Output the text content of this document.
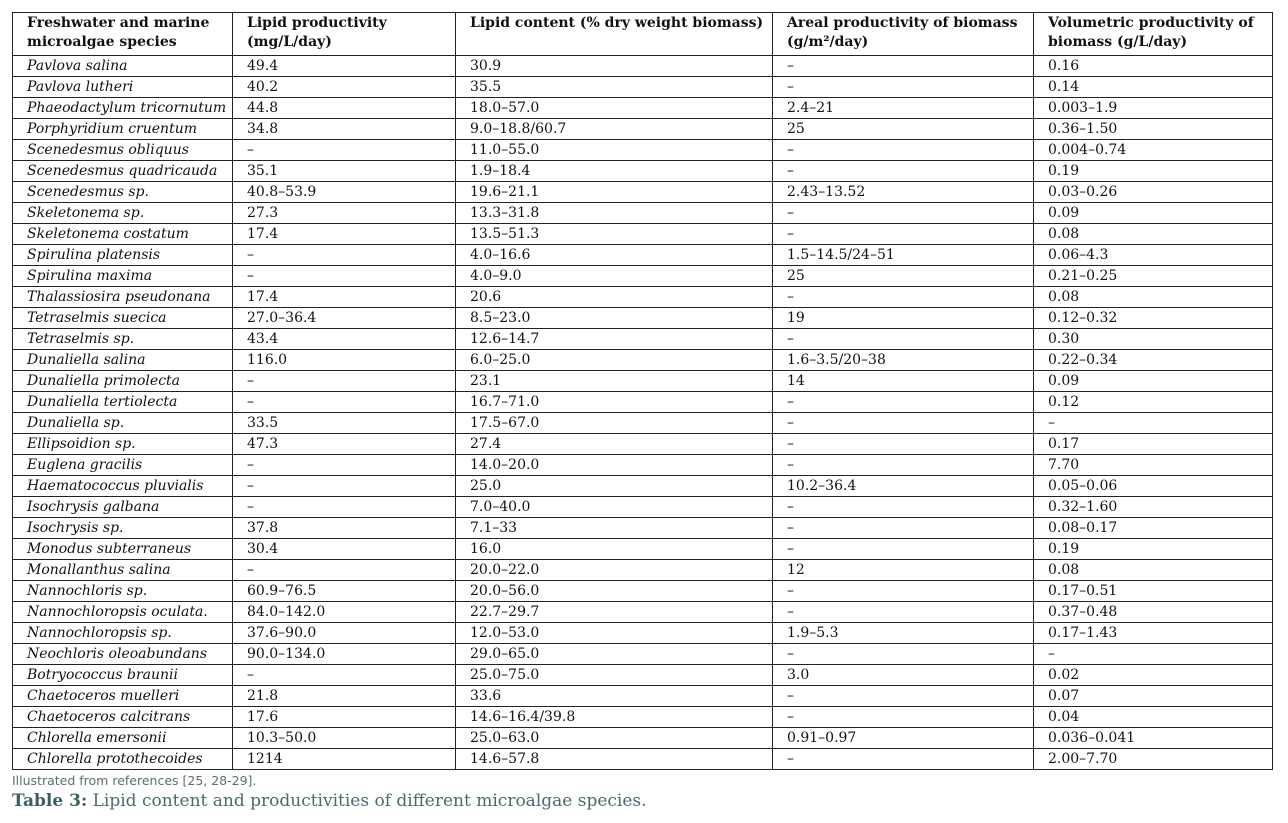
Freshwater and marine microalgae species	Lipid productivity (mg/L/day)	Lipid content (% dry weight biomass)	Areal productivity of biomass (g/m²/day)	Volumetric productivity of biomass (g/L/day)
Pavlova salina	49.4	30.9	–	0.16
Pavlova lutheri	40.2	35.5	–	0.14
Phaeodactylum tricornutum	44.8	18.0–57.0	2.4–21	0.003–1.9
Porphyridium cruentum	34.8	9.0–18.8/60.7	25	0.36–1.50
Scenedesmus obliquus	–	11.0–55.0	–	0.004–0.74
Scenedesmus quadricauda	35.1	1.9–18.4	–	0.19
Scenedesmus sp.	40.8–53.9	19.6–21.1	2.43–13.52	0.03–0.26
Skeletonema sp.	27.3	13.3–31.8	–	0.09
Skeletonema costatum	17.4	13.5–51.3	–	0.08
Spirulina platensis	–	4.0–16.6	1.5–14.5/24–51	0.06–4.3
Spirulina maxima	–	4.0–9.0	25	0.21–0.25
Thalassiosira pseudonana	17.4	20.6	–	0.08
Tetraselmis suecica	27.0–36.4	8.5–23.0	19	0.12–0.32
Tetraselmis sp.	43.4	12.6–14.7	–	0.30
Dunaliella salina	116.0	6.0–25.0	1.6–3.5/20–38	0.22–0.34
Dunaliella primolecta	–	23.1	14	0.09
Dunaliella tertiolecta	–	16.7–71.0	–	0.12
Dunaliella sp.	33.5	17.5–67.0	–	–
Ellipsoidion sp.	47.3	27.4	–	0.17
Euglena gracilis	–	14.0–20.0	–	7.70
Haematococcus pluvialis	–	25.0	10.2–36.4	0.05–0.06
Isochrysis galbana	–	7.0–40.0	–	0.32–1.60
Isochrysis sp.	37.8	7.1–33	–	0.08–0.17
Monodus subterraneus	30.4	16.0	–	0.19
Monallanthus salina	–	20.0–22.0	12	0.08
Nannochloris sp.	60.9–76.5	20.0–56.0	–	0.17–0.51
Nannochloropsis oculata.	84.0–142.0	22.7–29.7	–	0.37–0.48
Nannochloropsis sp.	37.6–90.0	12.0–53.0	1.9–5.3	0.17–1.43
Neochloris oleoabundans	90.0–134.0	29.0–65.0	–	–
Botryococcus braunii	–	25.0–75.0	3.0	0.02
Chaetoceros muelleri	21.8	33.6	–	0.07
Chaetoceros calcitrans	17.6	14.6–16.4/39.8	–	0.04
Chlorella emersonii	10.3–50.0	25.0–63.0	0.91–0.97	0.036–0.041
Chlorella protothecoides	1214	14.6–57.8	–	2.00–7.70
Illustrated from references [25, 28-29].
Table 3: Lipid content and productivities of different microalgae species.
